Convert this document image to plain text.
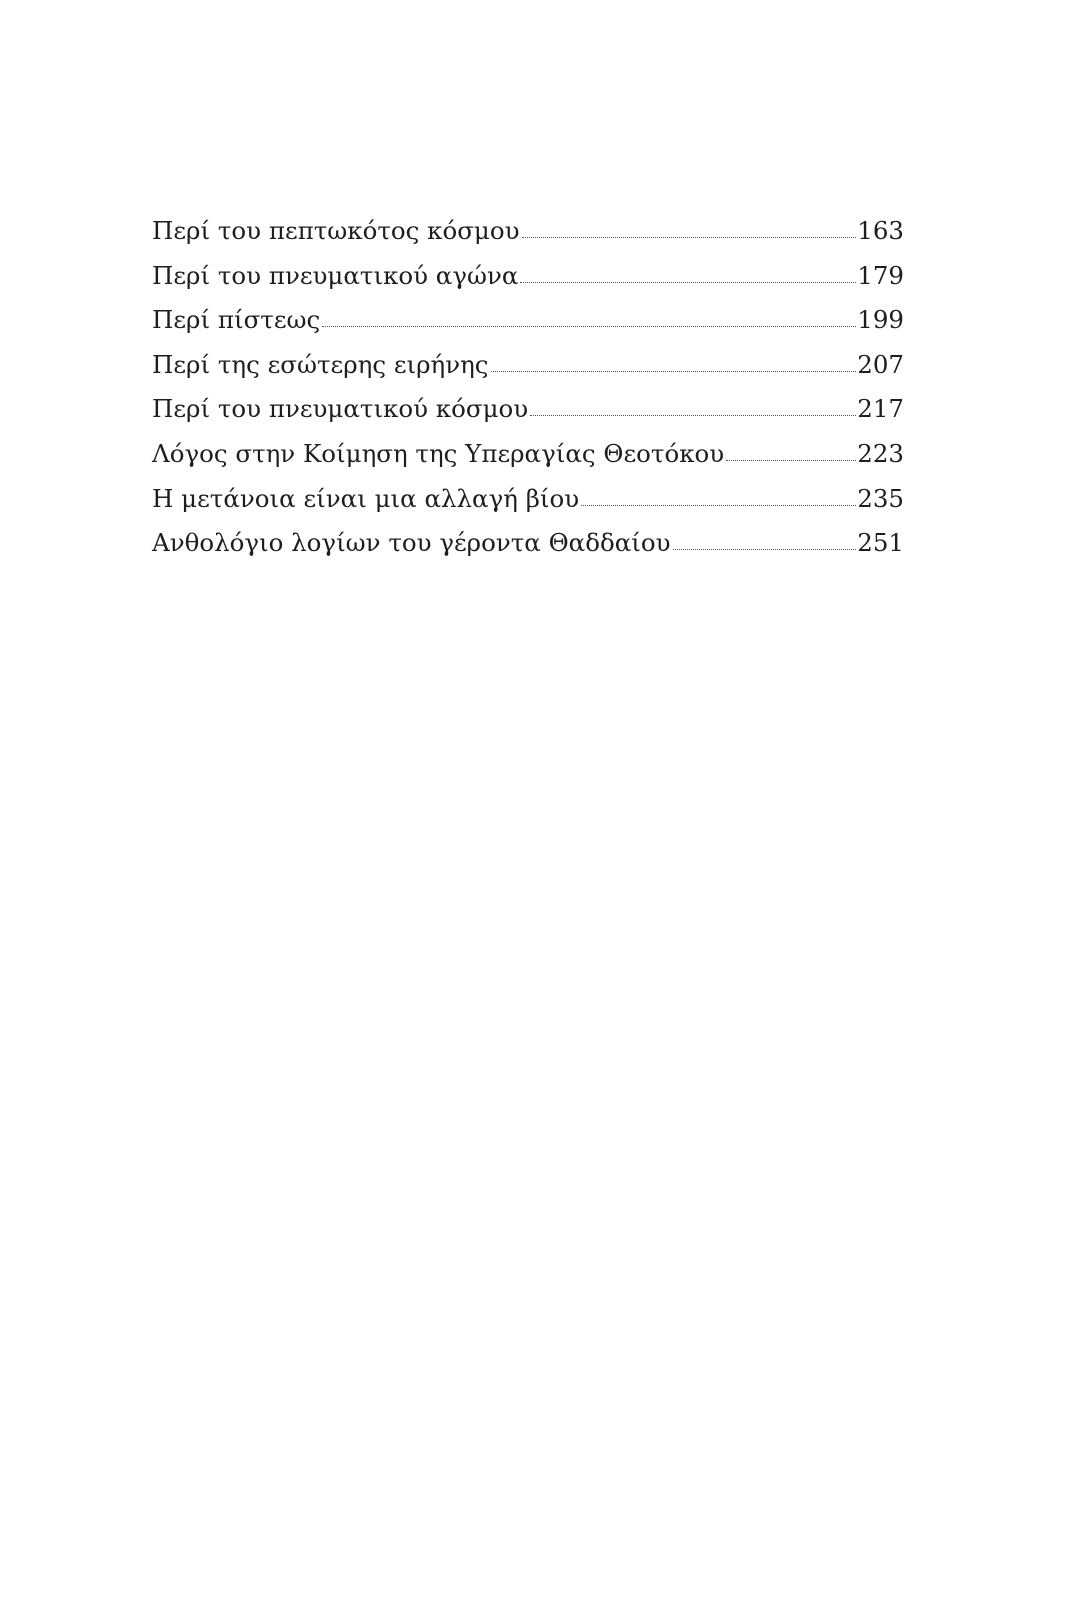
Περί του πεπτωκότος κόσμου	163
Περί του πνευματικού αγώνα	179
Περί πίστεως	199
Περί της εσώτερης ειρήνης	207
Περί του πνευματικού κόσμου	217
Λόγος στην Κοίμηση της Υπεραγίας Θεοτόκου	223
Η μετάνοια είναι μια αλλαγή βίου	235
Ανθολόγιο λογίων του γέροντα Θαδδαίου	251
